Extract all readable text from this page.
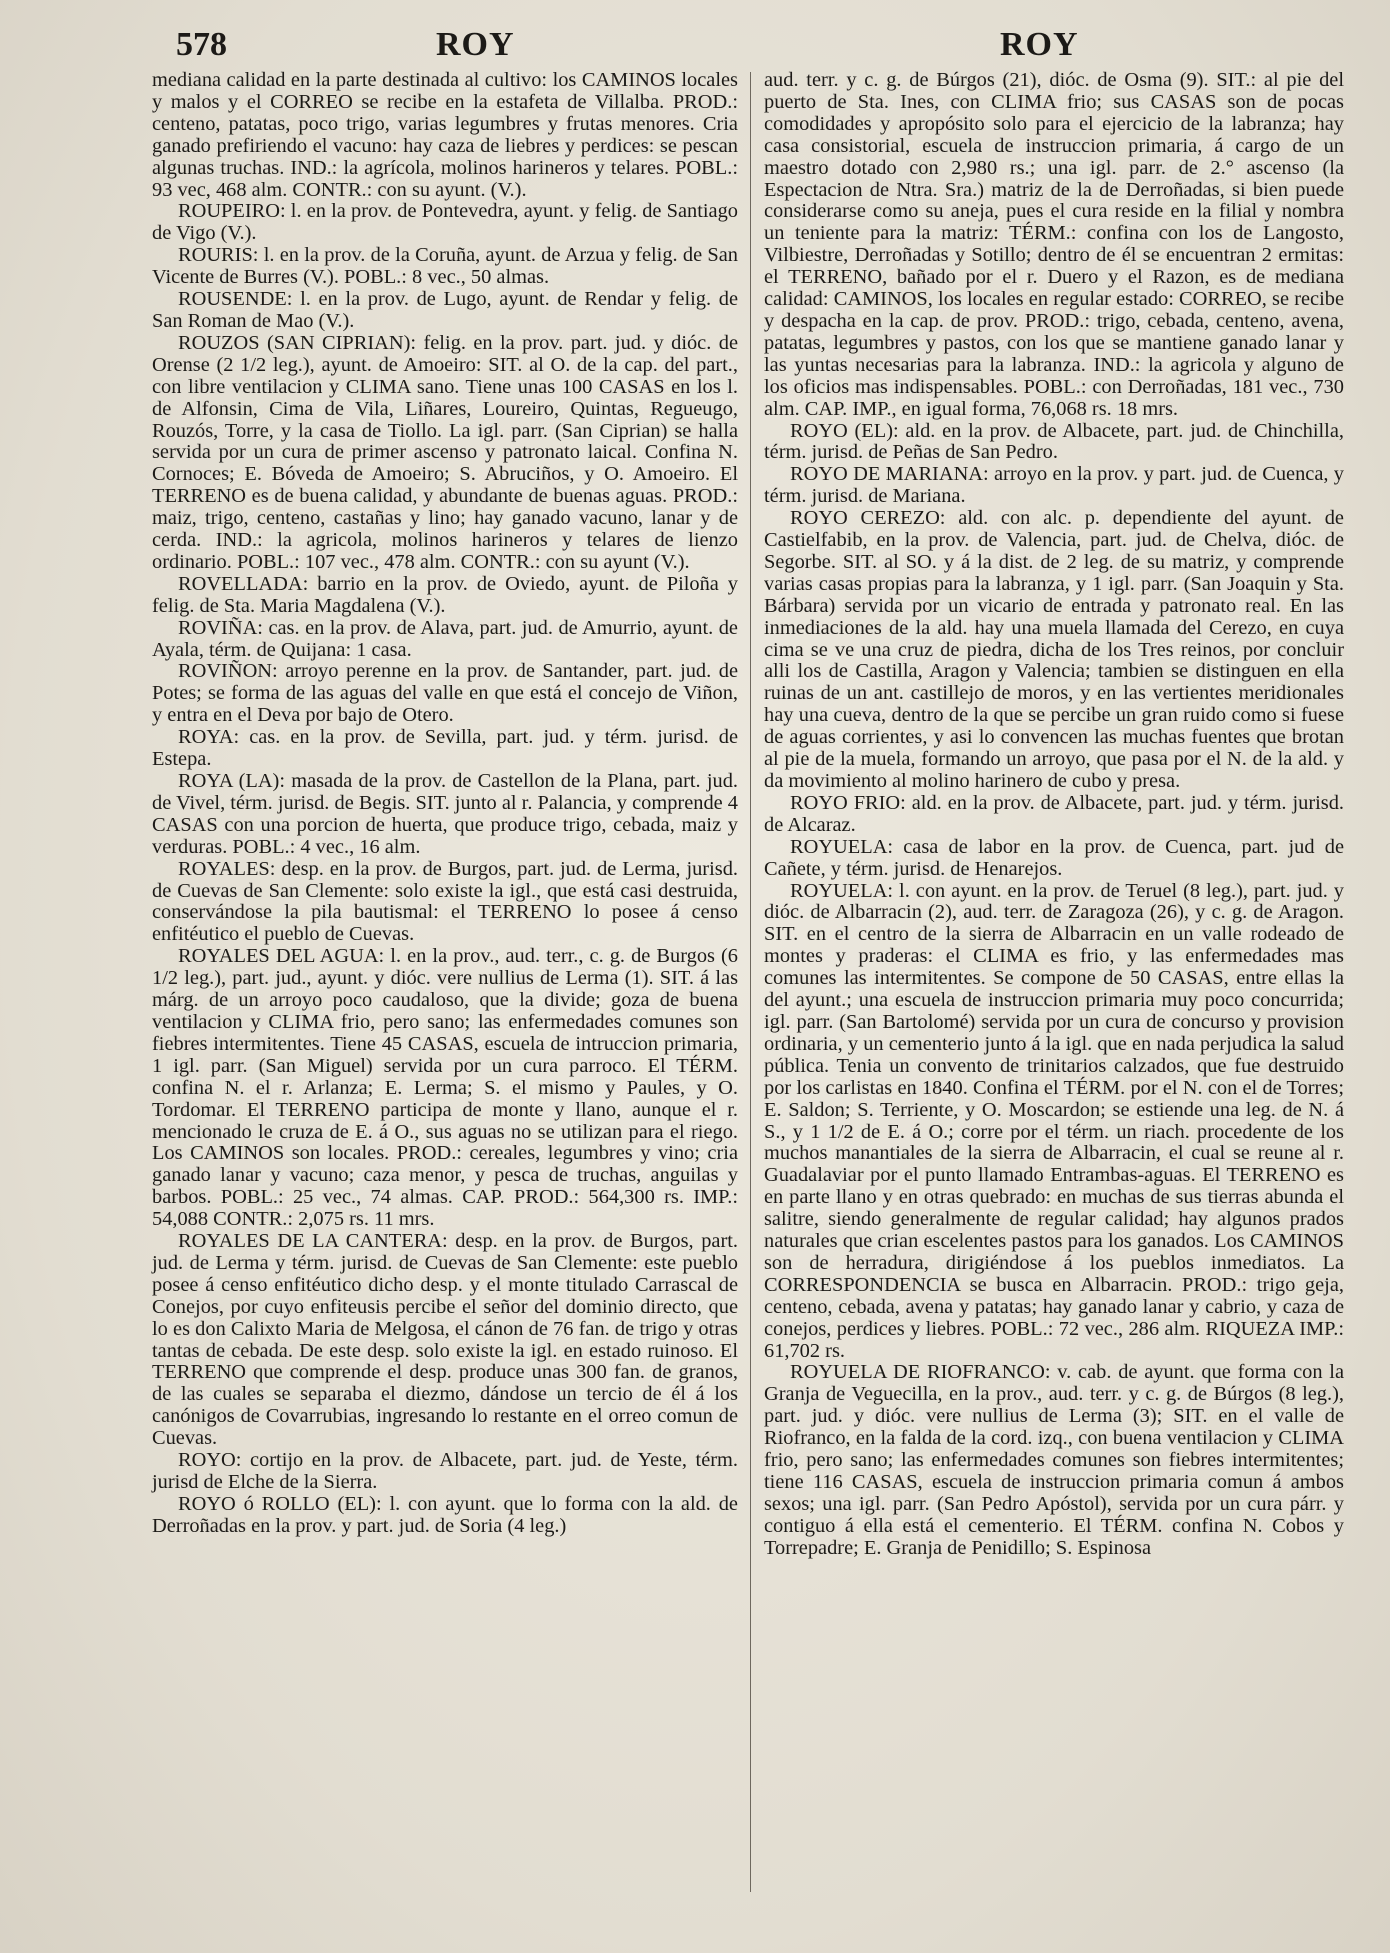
578	ROY	ROY

mediana calidad en la parte destinada al cultivo: los CAMINOS locales y malos y el CORREO se recibe en la estafeta de Villalba. PROD.: centeno, patatas, poco trigo, varias legumbres y frutas menores. Cria ganado prefiriendo el vacuno: hay caza de liebres y perdices: se pescan algunas truchas. IND.: la agrícola, molinos harineros y telares. POBL.: 93 vec, 468 alm. CONTR.: con su ayunt. (V.).

ROUPEIRO: l. en la prov. de Pontevedra, ayunt. y felig. de Santiago de Vigo (V.).

ROURIS: l. en la prov. de la Coruña, ayunt. de Arzua y felig. de San Vicente de Burres (V.). POBL.: 8 vec., 50 almas.

ROUSENDE: l. en la prov. de Lugo, ayunt. de Rendar y felig. de San Roman de Mao (V.).

ROUZOS (SAN CIPRIAN): felig. en la prov. part. jud. y dióc. de Orense (2 1/2 leg.), ayunt. de Amoeiro: SIT. al O. de la cap. del part., con libre ventilacion y CLIMA sano. Tiene unas 100 CASAS en los l. de Alfonsin, Cima de Vila, Liñares, Loureiro, Quintas, Regueugo, Rouzós, Torre, y la casa de Tiollo. La igl. parr. (San Ciprian) se halla servida por un cura de primer ascenso y patronato laical. Confina N. Cornoces; E. Bóveda de Amoeiro; S. Abruciños, y O. Amoeiro. El TERRENO es de buena calidad, y abundante de buenas aguas. PROD.: maiz, trigo, centeno, castañas y lino; hay ganado vacuno, lanar y de cerda. IND.: la agricola, molinos harineros y telares de lienzo ordinario. POBL.: 107 vec., 478 alm. CONTR.: con su ayunt (V.).

ROVELLADA: barrio en la prov. de Oviedo, ayunt. de Piloña y felig. de Sta. Maria Magdalena (V.).

ROVIÑA: cas. en la prov. de Alava, part. jud. de Amurrio, ayunt. de Ayala, térm. de Quijana: 1 casa.

ROVIÑON: arroyo perenne en la prov. de Santander, part. jud. de Potes; se forma de las aguas del valle en que está el concejo de Viñon, y entra en el Deva por bajo de Otero.

ROYA: cas. en la prov. de Sevilla, part. jud. y térm. jurisd. de Estepa.

ROYA (LA): masada de la prov. de Castellon de la Plana, part. jud. de Vivel, térm. jurisd. de Begis. SIT. junto al r. Palancia, y comprende 4 CASAS con una porcion de huerta, que produce trigo, cebada, maiz y verduras. POBL.: 4 vec., 16 alm.

ROYALES: desp. en la prov. de Burgos, part. jud. de Lerma, jurisd. de Cuevas de San Clemente: solo existe la igl., que está casi destruida, conservándose la pila bautismal: el TERRENO lo posee á censo enfitéutico el pueblo de Cuevas.

ROYALES DEL AGUA: l. en la prov., aud. terr., c. g. de Burgos (6 1/2 leg.), part. jud., ayunt. y dióc. vere nullius de Lerma (1). SIT. á las márg. de un arroyo poco caudaloso, que la divide; goza de buena ventilacion y CLIMA frio, pero sano; las enfermedades comunes son fiebres intermitentes. Tiene 45 CASAS, escuela de intruccion primaria, 1 igl. parr. (San Miguel) servida por un cura parroco. El TÉRM. confina N. el r. Arlanza; E. Lerma; S. el mismo y Paules, y O. Tordomar. El TERRENO participa de monte y llano, aunque el r. mencionado le cruza de E. á O., sus aguas no se utilizan para el riego. Los CAMINOS son locales. PROD.: cereales, legumbres y vino; cria ganado lanar y vacuno; caza menor, y pesca de truchas, anguilas y barbos. POBL.: 25 vec., 74 almas. CAP. PROD.: 564,300 rs. IMP.: 54,088 CONTR.: 2,075 rs. 11 mrs.

ROYALES DE LA CANTERA: desp. en la prov. de Burgos, part. jud. de Lerma y térm. jurisd. de Cuevas de San Clemente: este pueblo posee á censo enfitéutico dicho desp. y el monte titulado Carrascal de Conejos, por cuyo enfiteusis percibe el señor del dominio directo, que lo es don Calixto Maria de Melgosa, el cánon de 76 fan. de trigo y otras tantas de cebada. De este desp. solo existe la igl. en estado ruinoso. El TERRENO que comprende el desp. produce unas 300 fan. de granos, de las cuales se separaba el diezmo, dándose un tercio de él á los canónigos de Covarrubias, ingresando lo restante en el orreo comun de Cuevas.

ROYO: cortijo en la prov. de Albacete, part. jud. de Yeste, térm. jurisd de Elche de la Sierra.

ROYO ó ROLLO (EL): l. con ayunt. que lo forma con la ald. de Derroñadas en la prov. y part. jud. de Soria (4 leg.)

aud. terr. y c. g. de Búrgos (21), dióc. de Osma (9). SIT.: al pie del puerto de Sta. Ines, con CLIMA frio; sus CASAS son de pocas comodidades y apropósito solo para el ejercicio de la labranza; hay casa consistorial, escuela de instruccion primaria, á cargo de un maestro dotado con 2,980 rs.; una igl. parr. de 2.° ascenso (la Espectacion de Ntra. Sra.) matriz de la de Derroñadas, si bien puede considerarse como su aneja, pues el cura reside en la filial y nombra un teniente para la matriz: TÉRM.: confina con los de Langosto, Vilbiestre, Derroñadas y Sotillo; dentro de él se encuentran 2 ermitas: el TERRENO, bañado por el r. Duero y el Razon, es de mediana calidad: CAMINOS, los locales en regular estado: CORREO, se recibe y despacha en la cap. de prov. PROD.: trigo, cebada, centeno, avena, patatas, legumbres y pastos, con los que se mantiene ganado lanar y las yuntas necesarias para la labranza. IND.: la agricola y alguno de los oficios mas indispensables. POBL.: con Derroñadas, 181 vec., 730 alm. CAP. IMP., en igual forma, 76,068 rs. 18 mrs.

ROYO (EL): ald. en la prov. de Albacete, part. jud. de Chinchilla, térm. jurisd. de Peñas de San Pedro.

ROYO DE MARIANA: arroyo en la prov. y part. jud. de Cuenca, y térm. jurisd. de Mariana.

ROYO CEREZO: ald. con alc. p. dependiente del ayunt. de Castielfabib, en la prov. de Valencia, part. jud. de Chelva, dióc. de Segorbe. SIT. al SO. y á la dist. de 2 leg. de su matriz, y comprende varias casas propias para la labranza, y 1 igl. parr. (San Joaquin y Sta. Bárbara) servida por un vicario de entrada y patronato real. En las inmediaciones de la ald. hay una muela llamada del Cerezo, en cuya cima se ve una cruz de piedra, dicha de los Tres reinos, por concluir alli los de Castilla, Aragon y Valencia; tambien se distinguen en ella ruinas de un ant. castillejo de moros, y en las vertientes meridionales hay una cueva, dentro de la que se percibe un gran ruido como si fuese de aguas corrientes, y asi lo convencen las muchas fuentes que brotan al pie de la muela, formando un arroyo, que pasa por el N. de la ald. y da movimiento al molino harinero de cubo y presa.

ROYO FRIO: ald. en la prov. de Albacete, part. jud. y térm. jurisd. de Alcaraz.

ROYUELA: casa de labor en la prov. de Cuenca, part. jud de Cañete, y térm. jurisd. de Henarejos.

ROYUELA: l. con ayunt. en la prov. de Teruel (8 leg.), part. jud. y dióc. de Albarracin (2), aud. terr. de Zaragoza (26), y c. g. de Aragon. SIT. en el centro de la sierra de Albarracin en un valle rodeado de montes y praderas: el CLIMA es frio, y las enfermedades mas comunes las intermitentes. Se compone de 50 CASAS, entre ellas la del ayunt.; una escuela de instruccion primaria muy poco concurrida; igl. parr. (San Bartolomé) servida por un cura de concurso y provision ordinaria, y un cementerio junto á la igl. que en nada perjudica la salud pública. Tenia un convento de trinitarios calzados, que fue destruido por los carlistas en 1840. Confina el TÉRM. por el N. con el de Torres; E. Saldon; S. Terriente, y O. Moscardon; se estiende una leg. de N. á S., y 1 1/2 de E. á O.; corre por el térm. un riach. procedente de los muchos manantiales de la sierra de Albarracin, el cual se reune al r. Guadalaviar por el punto llamado Entrambas-aguas. El TERRENO es en parte llano y en otras quebrado: en muchas de sus tierras abunda el salitre, siendo generalmente de regular calidad; hay algunos prados naturales que crian escelentes pastos para los ganados. Los CAMINOS son de herradura, dirigiéndose á los pueblos inmediatos. La CORRESPONDENCIA se busca en Albarracin. PROD.: trigo geja, centeno, cebada, avena y patatas; hay ganado lanar y cabrio, y caza de conejos, perdices y liebres. POBL.: 72 vec., 286 alm. RIQUEZA IMP.: 61,702 rs.

ROYUELA DE RIOFRANCO: v. cab. de ayunt. que forma con la Granja de Veguecilla, en la prov., aud. terr. y c. g. de Búrgos (8 leg.), part. jud. y dióc. vere nullius de Lerma (3); SIT. en el valle de Riofranco, en la falda de la cord. izq., con buena ventilacion y CLIMA frio, pero sano; las enfermedades comunes son fiebres intermitentes; tiene 116 CASAS, escuela de instruccion primaria comun á ambos sexos; una igl. parr. (San Pedro Apóstol), servida por un cura párr. y contiguo á ella está el cementerio. El TÉRM. confina N. Cobos y Torrepadre; E. Granja de Penidillo; S. Espinosa
